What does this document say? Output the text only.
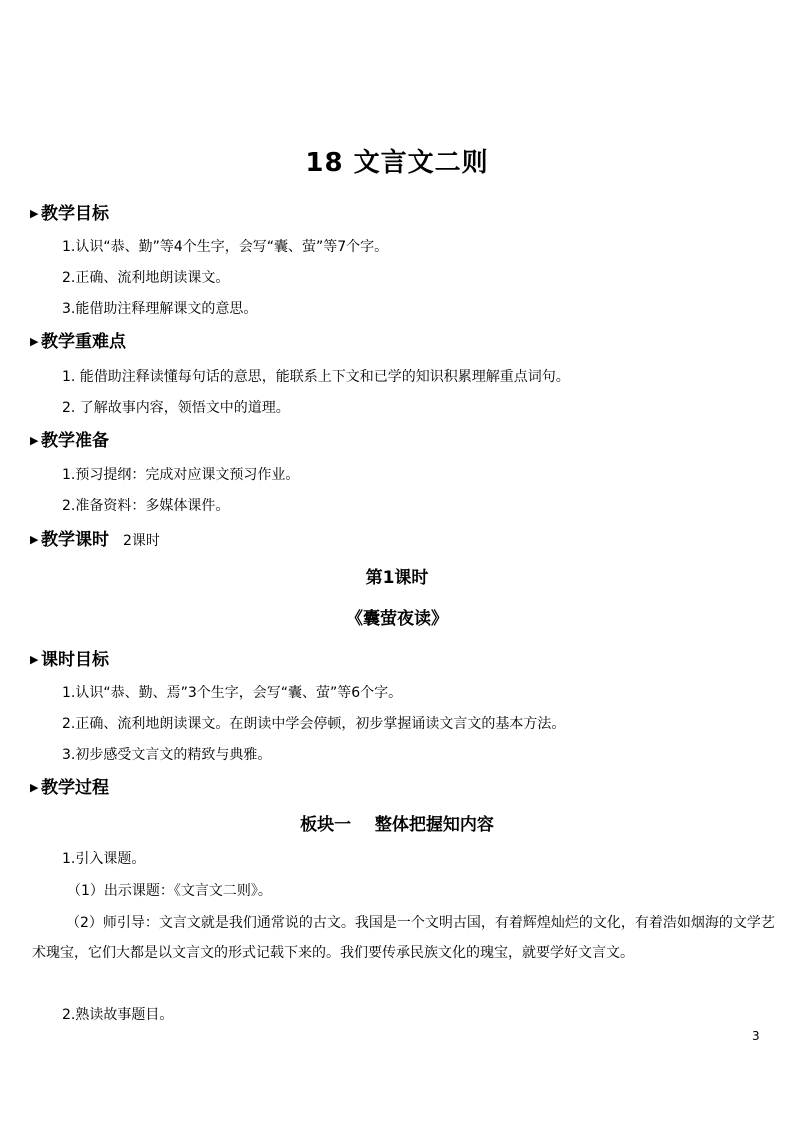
18 文言文二则
▶ 教学目标
1.认识“恭、勤”等4个生字，会写“囊、萤”等7个字。
2.正确、流利地朗读课文。
3.能借助注释理解课文的意思。
▶ 教学重难点
1. 能借助注释读懂每句话的意思，能联系上下文和已学的知识积累理解重点词句。
2. 了解故事内容，领悟文中的道理。
▶ 教学准备
1.预习提纲：完成对应课文预习作业。
2.准备资料：多媒体课件。
▶ 教学课时 2课时
第1课时
《囊萤夜读》
▶ 课时目标
1.认识“恭、勤、焉”3个生字，会写“囊、萤”等6个字。
2.正确、流利地朗读课文。在朗读中学会停顿，初步掌握诵读文言文的基本方法。
3.初步感受文言文的精致与典雅。
▶ 教学过程
板块一    整体把握知内容
1.引入课题。
（1）出示课题：《文言文二则》。
（2）师引导：文言文就是我们通常说的古文。我国是一个文明古国，有着辉煌灿烂的文化，有着浩如烟海的文学艺术瑰宝，它们大都是以文言文的形式记载下来的。我们要传承民族文化的瑰宝，就要学好文言文。
2.熟读故事题目。
3
